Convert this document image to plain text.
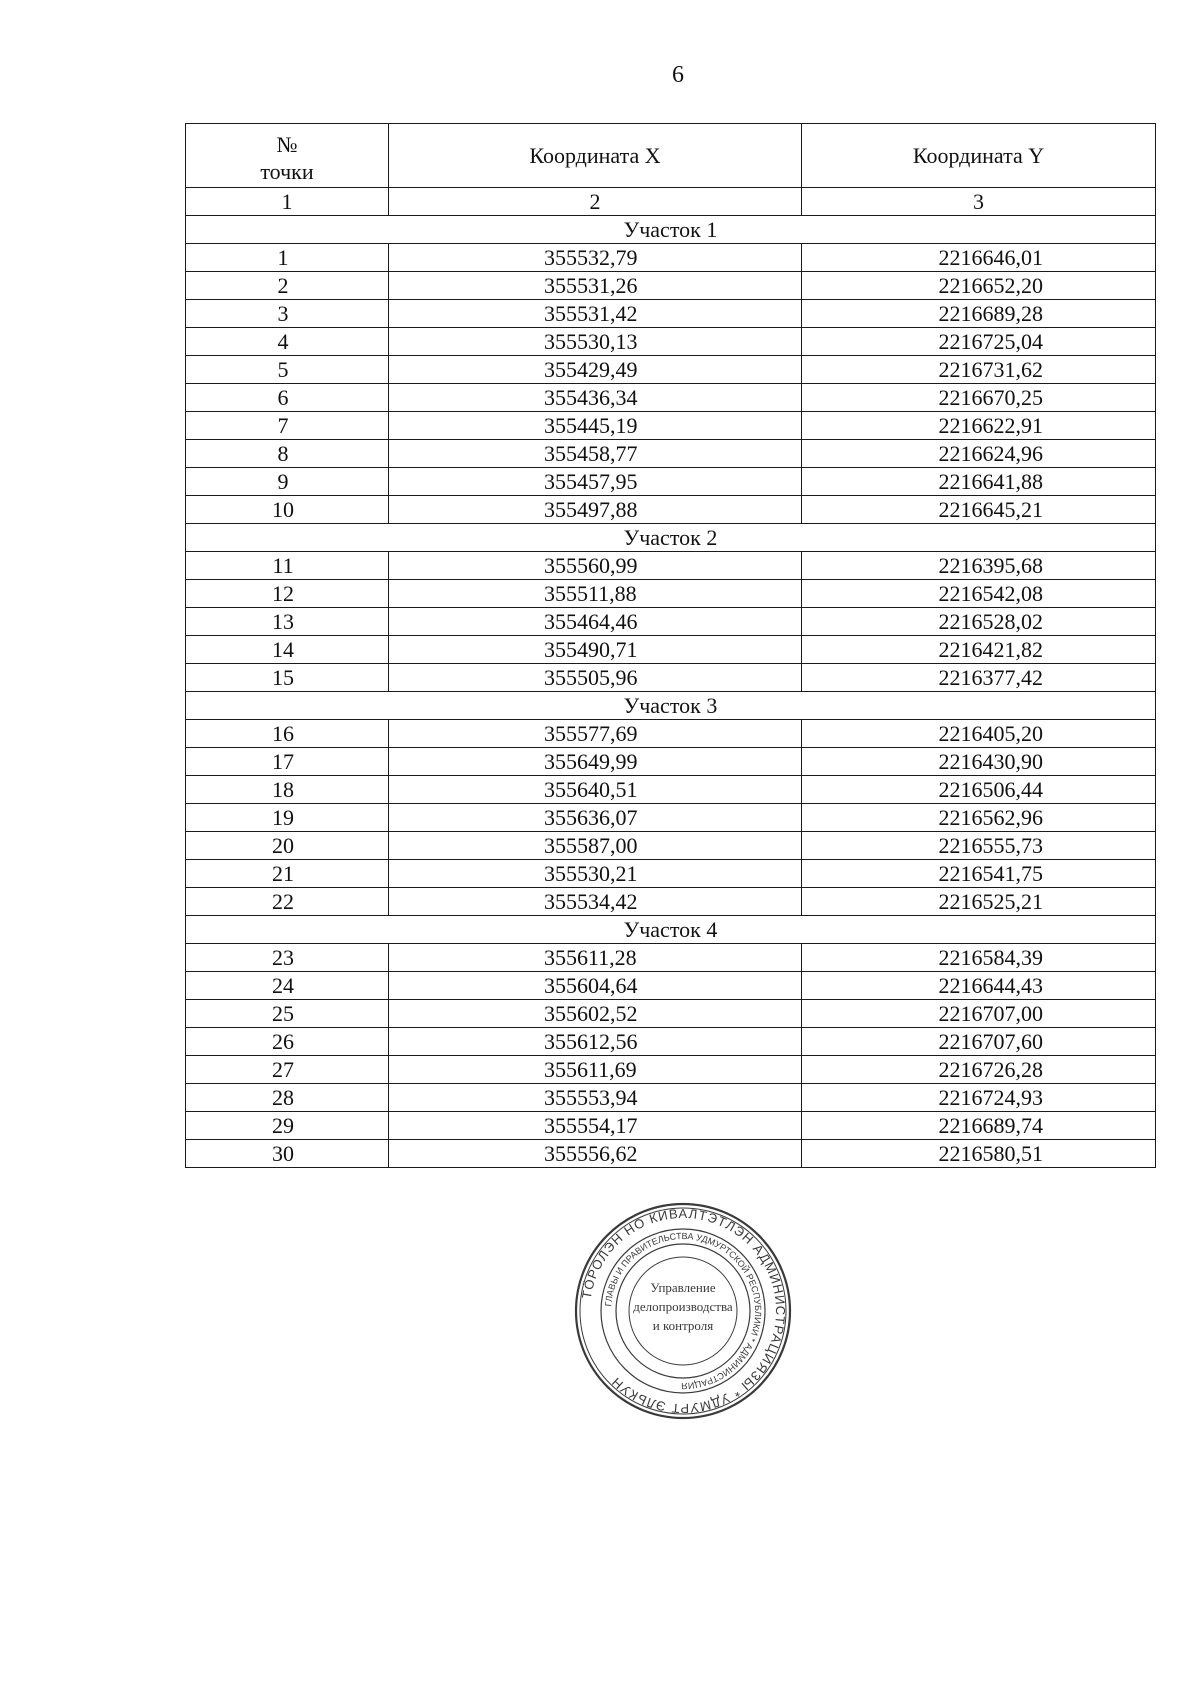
6
№
точки	Координата X	Координата Y
1	2	3
Участок 1		
1	355532,79	2216646,01
2	355531,26	2216652,20
3	355531,42	2216689,28
4	355530,13	2216725,04
5	355429,49	2216731,62
6	355436,34	2216670,25
7	355445,19	2216622,91
8	355458,77	2216624,96
9	355457,95	2216641,88
10	355497,88	2216645,21
Участок 2		
11	355560,99	2216395,68
12	355511,88	2216542,08
13	355464,46	2216528,02
14	355490,71	2216421,82
15	355505,96	2216377,42
Участок 3		
16	355577,69	2216405,20
17	355649,99	2216430,90
18	355640,51	2216506,44
19	355636,07	2216562,96
20	355587,00	2216555,73
21	355530,21	2216541,75
22	355534,42	2216525,21
Участок 4		
23	355611,28	2216584,39
24	355604,64	2216644,43
25	355602,52	2216707,00
26	355612,56	2216707,60
27	355611,69	2216726,28
28	355553,94	2216724,93
29	355554,17	2216689,74
30	355556,62	2216580,51
ТӦРОЛЭН НО КИВАЛТЭТЛЭН АДМИНИСТРАЦИЯЗЫ * УДМУРТ ЭЛЬКУН
ГЛАВЫ И ПРАВИТЕЛЬСТВА УДМУРТСКОЙ РЕСПУБЛИКИ * АДМИНИСТРАЦИЯ
Управление
делопроизводства
и контроля
